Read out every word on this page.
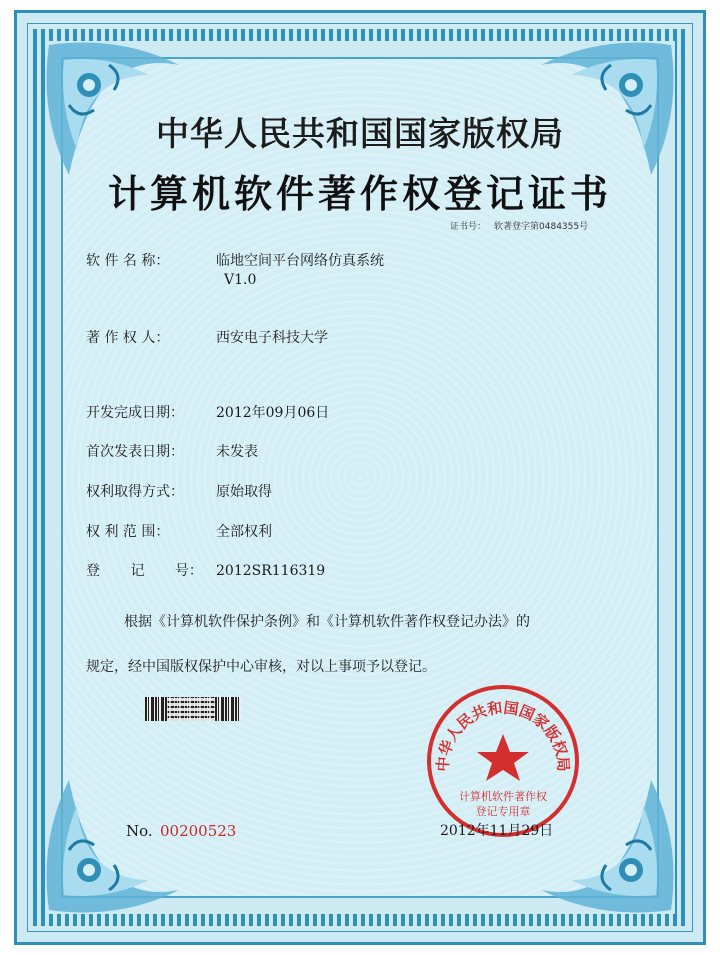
中华人民共和国国家版权局
计算机软件著作权登记证书
证书号： 软著登字第0484355号
软 件 名 称：	临地空间平台网络仿真系统
V1.0
著 作 权 人：	西安电子科技大学
开发完成日期： 2012年09月06日
首次发表日期： 未发表
权利取得方式： 原始取得
权 利 范 围：	全部权利
登 记 号： 2012SR116319
根据《计算机软件保护条例》和《计算机软件著作权登记办法》的
规定，经中国版权保护中心审核，对以上事项予以登记。
中华人民共和国国家版权局
计算机软件著作权
登记专用章
No. 00200523	2012年11月29日
